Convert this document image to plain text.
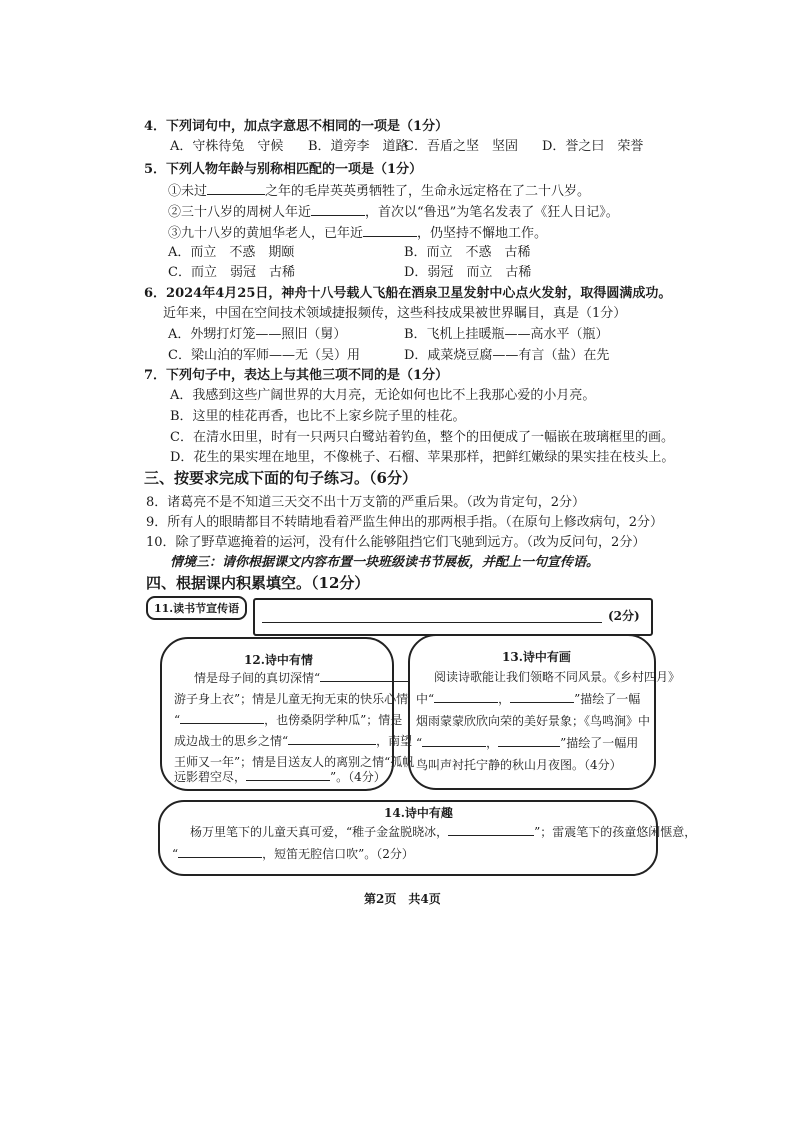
4．下列词句中，加点字意思不相同的一项是（1分）
A．守株待兔　守候 B．道旁李　道路
C．吾盾之坚　坚固 D．誉之曰　荣誉
5．下列人物年龄与别称相匹配的一项是（1分）
①未过	之年的毛岸英英勇牺牲了，生命永远定格在了二十八岁。
②三十八岁的周树人年近	，首次以“鲁迅”为笔名发表了《狂人日记》。
③九十八岁的黄旭华老人，已年近	，仍坚持不懈地工作。
A．而立　不惑　期颐	B．而立　不惑　古稀
C．而立　弱冠　古稀	D．弱冠　而立　古稀
6．2024年4月25日，神舟十八号载人飞船在酒泉卫星发射中心点火发射，取得圆满成功。
近年来，中国在空间技术领域捷报频传，这些科技成果被世界瞩目，真是（1分）
A．外甥打灯笼——照旧（舅）	B．飞机上挂暖瓶——高水平（瓶）
C．梁山泊的军师——无（吴）用	D．咸菜烧豆腐——有言（盐）在先
7．下列句子中，表达上与其他三项不同的是（1分）
A．我感到这些广阔世界的大月亮，无论如何也比不上我那心爱的小月亮。
B．这里的桂花再香，也比不上家乡院子里的桂花。
C．在清水田里，时有一只两只白鹭站着钓鱼，整个的田便成了一幅嵌在玻璃框里的画。
D．花生的果实埋在地里，不像桃子、石榴、苹果那样，把鲜红嫩绿的果实挂在枝头上。
三、按要求完成下面的句子练习。（6分）
8．诸葛亮不是不知道三天交不出十万支箭的严重后果。（改为肯定句，2分）
9．所有人的眼睛都目不转睛地看着严监生伸出的那两根手指。（在原句上修改病句，2分）
10．除了野草遮掩着的运河，没有什么能够阻挡它们飞驰到远方。（改为反问句，2分）
情境三：请你根据课文内容布置一块班级读书节展板，并配上一句宣传语。
四、根据课内积累填空。（12分）
(2分)
11.读书节宣传语
12.诗中有情
情是母子间的真切深情“
游子身上衣”；情是儿童无拘无束的快乐心情
“	，也傍桑阴学种瓜”；情是
成边战士的思乡之情“	，南望
王师又一年”；情是目送友人的离别之情“孤帆
远影碧空尽，	”。（4分）
13.诗中有画
阅读诗歌能让我们领略不同风景。《乡村四月》
中“	，	”描绘了一幅
烟雨蒙蒙欣欣向荣的美好景象；《鸟鸣涧》中
“	，	”描绘了一幅用
鸟叫声衬托宁静的秋山月夜图。（4分）
14.诗中有趣
杨万里笔下的儿童天真可爱，“稚子金盆脱晓冰，	”；雷震笔下的孩童悠闲惬意，
“	，短笛无腔信口吹”。（2分）
第2页　共4页
